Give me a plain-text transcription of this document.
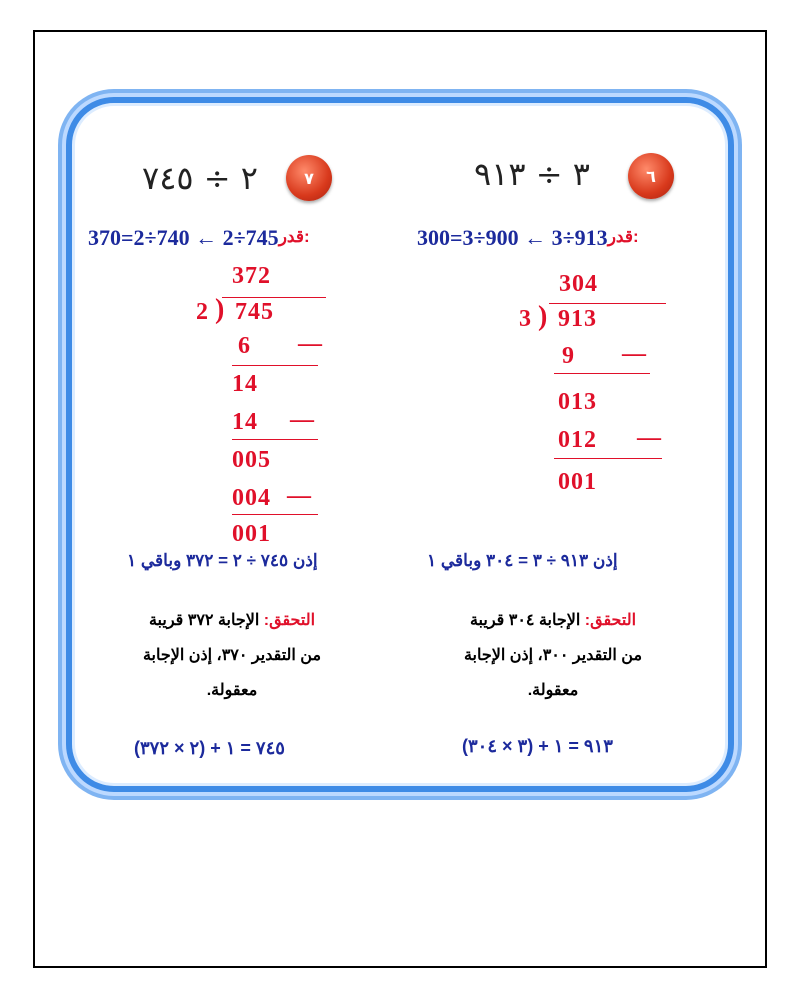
٧
٢ ÷ ٧٤٥
370=2÷740 ← 2÷745قدر:
372
2 ) 745
6 —
14
14 —
005
004 —
001
إذن ٧٤٥ ÷ ٢ = ٣٧٢ وباقي ١
التحقق: الإجابة ٣٧٢ قريبة
من التقدير ٣٧٠، إذن الإجابة
معقولة.
٧٤٥ = ١ + (٢ × ٣٧٢)
٦
٣ ÷ ٩١٣
300=3÷900 ← 3÷913قدر:
304
3 ) 913
9 —
013
012 —
001
إذن ٩١٣ ÷ ٣ = ٣٠٤ وباقي ١
التحقق: الإجابة ٣٠٤ قريبة
من التقدير ٣٠٠، إذن الإجابة
معقولة.
٩١٣ = ١ + (٣ × ٣٠٤)
